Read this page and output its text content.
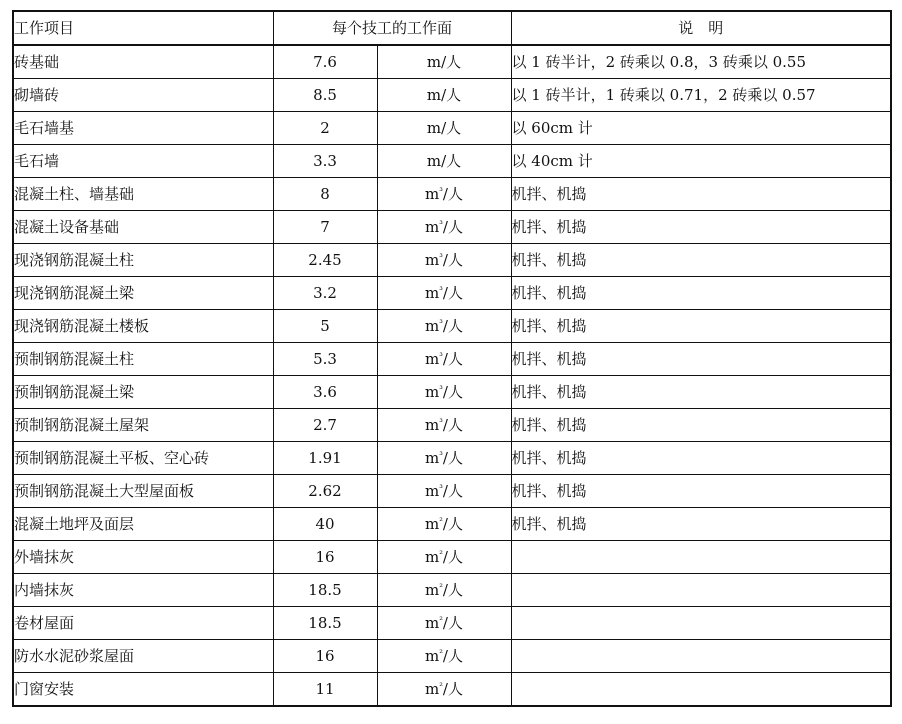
工作项目	每个技工的工作面		说　明
砖基础	7.6	m/人	以 1 砖半计，2 砖乘以 0.8，3 砖乘以 0.55
砌墙砖	8.5	m/人	以 1 砖半计，1 砖乘以 0.71，2 砖乘以 0.57
毛石墙基	2	m/人	以 60cm 计
毛石墙	3.3	m/人	以 40cm 计
混凝土柱、墙基础	8	$m^{^3}/$人	机拌、机捣
混凝土设备基础	7	$m^{^3}/$人	机拌、机捣
现浇钢筋混凝土柱	2.45	$m^{^3}/$人	机拌、机捣
现浇钢筋混凝土梁	3.2	$m^{^3}/$人	机拌、机捣
现浇钢筋混凝土楼板	5	$m^{^3}/$人	机拌、机捣
预制钢筋混凝土柱	5.3	$m^{^3}/$人	机拌、机捣
预制钢筋混凝土梁	3.6	$m^{^3}/$人	机拌、机捣
预制钢筋混凝土屋架	2.7	$m^{^3}/$人	机拌、机捣
预制钢筋混凝土平板、空心砖	1.91	$m^{^3}/$人	机拌、机捣
预制钢筋混凝土大型屋面板	2.62	$m^{^3}/$人	机拌、机捣
混凝土地坪及面层	40	$m^{^2}/$人	机拌、机捣
外墙抹灰	16	$m^{^2}/$人	
内墙抹灰	18.5	$m^{^2}/$人	
卷材屋面	18.5	$m^{^2}/$人	
防水水泥砂浆屋面	16	$m^{^2}/$人	
门窗安装	11	$m^{^2}/$人	
